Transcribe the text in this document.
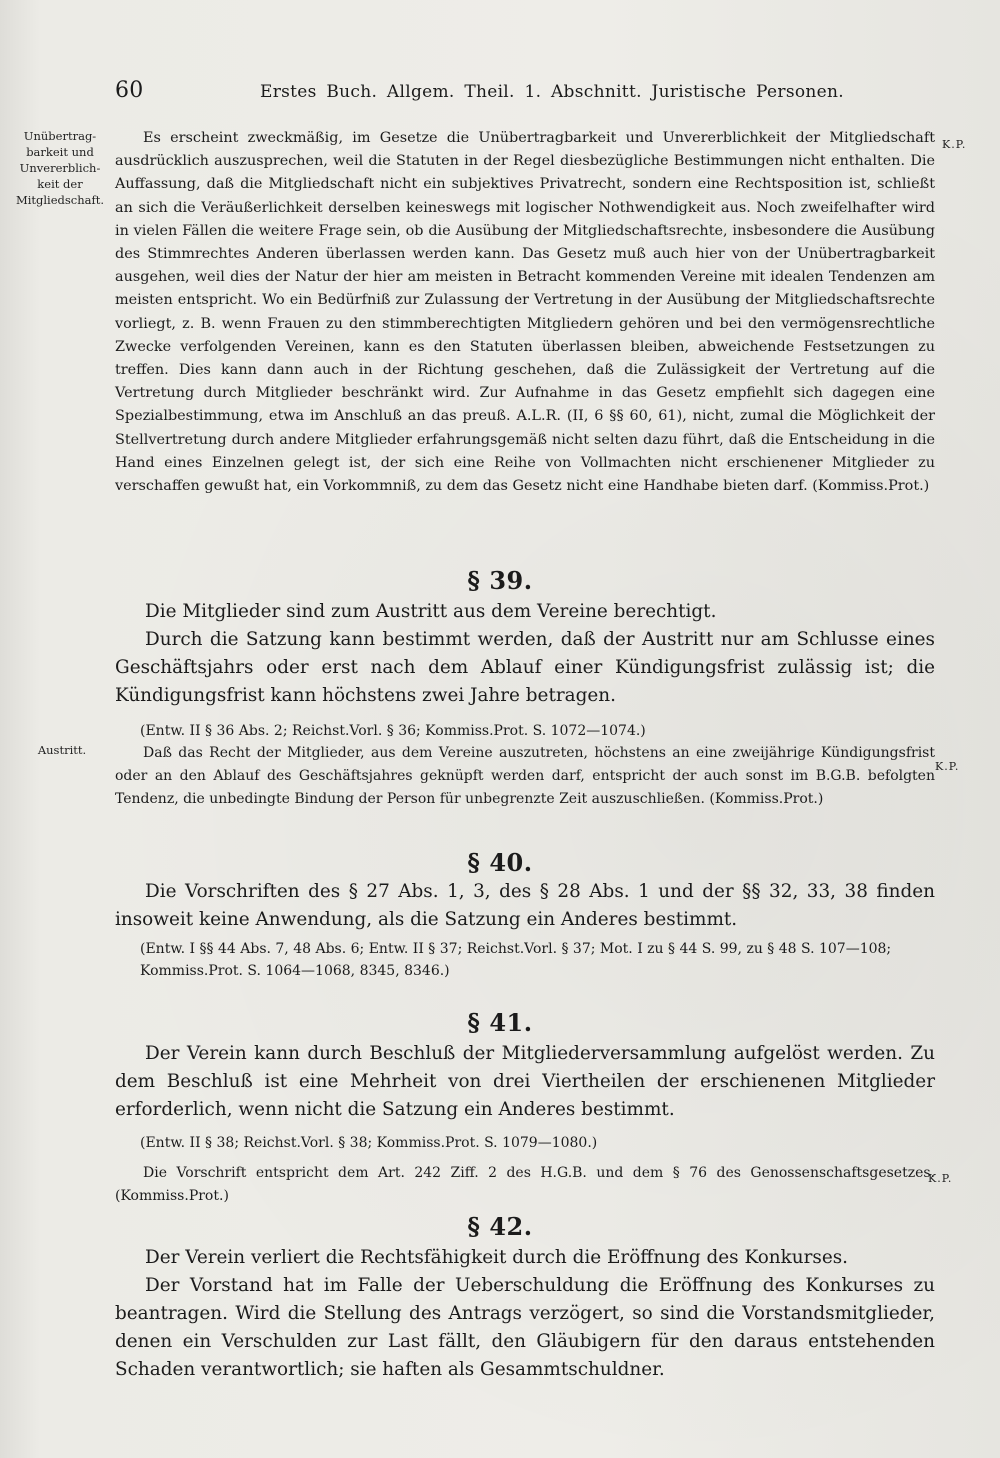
60	Erstes Buch. Allgem. Theil. 1. Abschnitt. Juristische Personen.
Unübertrag-
barkeit und
Unvererblich-
keit der
Mitgliedschaft.
K.P.

Es erscheint zweckmäßig, im Gesetze die Unübertragbarkeit und Unvererblichkeit der Mitgliedschaft ausdrücklich auszusprechen, weil die Statuten in der Regel diesbezügliche Bestimmungen nicht enthalten. Die Auffassung, daß die Mitgliedschaft nicht ein subjektives Privatrecht, sondern eine Rechtsposition ist, schließt an sich die Veräußerlichkeit derselben keineswegs mit logischer Nothwendigkeit aus. Noch zweifelhafter wird in vielen Fällen die weitere Frage sein, ob die Ausübung der Mitgliedschaftsrechte, insbesondere die Ausübung des Stimmrechtes Anderen überlassen werden kann. Das Gesetz muß auch hier von der Unübertragbarkeit ausgehen, weil dies der Natur der hier am meisten in Betracht kommenden Vereine mit idealen Tendenzen am meisten entspricht. Wo ein Bedürfniß zur Zulassung der Vertretung in der Ausübung der Mitgliedschaftsrechte vorliegt, z. B. wenn Frauen zu den stimmberechtigten Mitgliedern gehören und bei den vermögensrechtliche Zwecke verfolgenden Vereinen, kann es den Statuten überlassen bleiben, abweichende Festsetzungen zu treffen. Dies kann dann auch in der Richtung geschehen, daß die Zulässigkeit der Vertretung auf die Vertretung durch Mitglieder beschränkt wird. Zur Aufnahme in das Gesetz empfiehlt sich dagegen eine Spezialbestimmung, etwa im Anschluß an das preuß. A.L.R. (II, 6 §§ 60, 61), nicht, zumal die Möglichkeit der Stellvertretung durch andere Mitglieder erfahrungsgemäß nicht selten dazu führt, daß die Entscheidung in die Hand eines Einzelnen gelegt ist, der sich eine Reihe von Vollmachten nicht erschienener Mitglieder zu verschaffen gewußt hat, ein Vorkommniß, zu dem das Gesetz nicht eine Handhabe bieten darf. (Kommiss.Prot.)

§ 39.

Die Mitglieder sind zum Austritt aus dem Vereine berechtigt.

Durch die Satzung kann bestimmt werden, daß der Austritt nur am Schlusse eines Geschäftsjahrs oder erst nach dem Ablauf einer Kündigungsfrist zulässig ist; die Kündigungsfrist kann höchstens zwei Jahre betragen.

(Entw. II § 36 Abs. 2; Reichst.Vorl. § 36; Kommiss.Prot. S. 1072—1074.)
Austritt.
K.P.

Daß das Recht der Mitglieder, aus dem Vereine auszutreten, höchstens an eine zweijährige Kündigungsfrist oder an den Ablauf des Geschäftsjahres geknüpft werden darf, entspricht der auch sonst im B.G.B. befolgten Tendenz, die unbedingte Bindung der Person für unbegrenzte Zeit auszuschließen. (Kommiss.Prot.)

§ 40.

Die Vorschriften des § 27 Abs. 1, 3, des § 28 Abs. 1 und der §§ 32, 33, 38 finden insoweit keine Anwendung, als die Satzung ein Anderes bestimmt.

(Entw. I §§ 44 Abs. 7, 48 Abs. 6; Entw. II § 37; Reichst.Vorl. § 37; Mot. I zu § 44 S. 99, zu § 48 S. 107—108; Kommiss.Prot. S. 1064—1068, 8345, 8346.)
§ 41.

Der Verein kann durch Beschluß der Mitgliederversammlung aufgelöst werden. Zu dem Beschluß ist eine Mehrheit von drei Viertheilen der erschienenen Mitglieder erforderlich, wenn nicht die Satzung ein Anderes bestimmt.

(Entw. II § 38; Reichst.Vorl. § 38; Kommiss.Prot. S. 1079—1080.)
K.P.

Die Vorschrift entspricht dem Art. 242 Ziff. 2 des H.G.B. und dem § 76 des Genossenschaftsgesetzes. (Kommiss.Prot.)

§ 42.

Der Verein verliert die Rechtsfähigkeit durch die Eröffnung des Konkurses.

Der Vorstand hat im Falle der Ueberschuldung die Eröffnung des Konkurses zu beantragen. Wird die Stellung des Antrags verzögert, so sind die Vorstandsmitglieder, denen ein Verschulden zur Last fällt, den Gläubigern für den daraus entstehenden Schaden verantwortlich; sie haften als Gesammtschuldner.
